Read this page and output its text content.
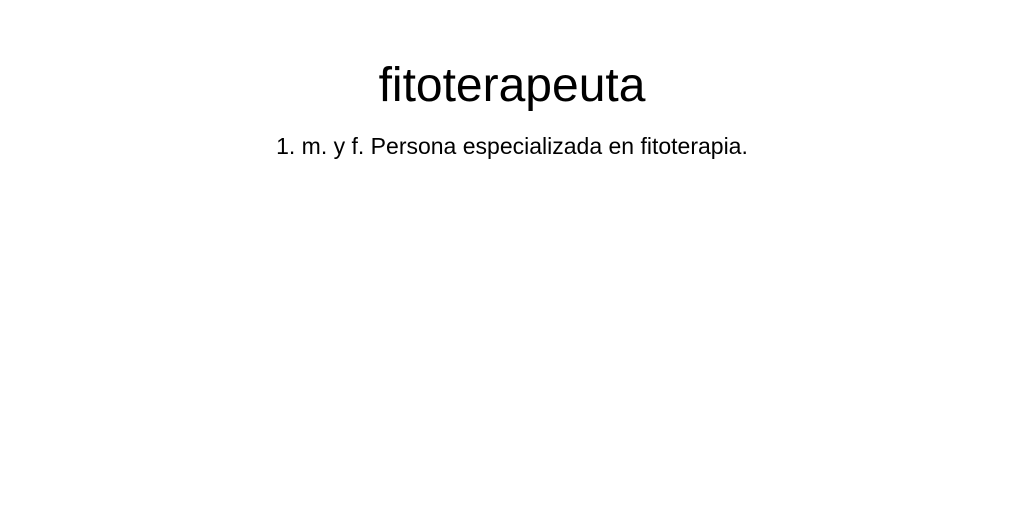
fitoterapeuta

1. m. y f. Persona especializada en fitoterapia.
